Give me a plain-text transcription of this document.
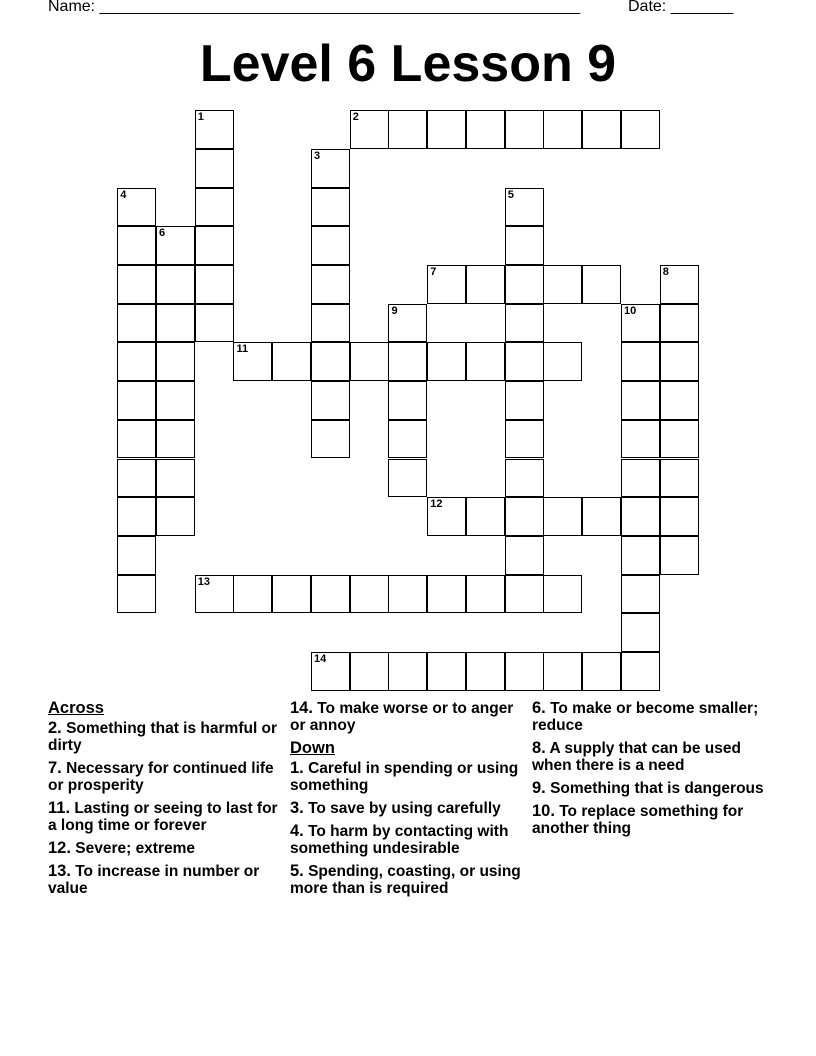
Name: ______________________________________________________	Date: _______
Level 6 Lesson 9
1	2
3
4	5
6
7	8
9	10
11
12
13
14
Across
2. Something that is harmful or dirty
7. Necessary for continued life or prosperity
11. Lasting or seeing to last for a long time or forever
12. Severe; extreme
13. To increase in number or value
14. To make worse or to anger or annoy
Down
1. Careful in spending or using something
3. To save by using carefully
4. To harm by contacting with something undesirable
5. Spending, coasting, or using more than is required
6. To make or become smaller; reduce
8. A supply that can be used when there is a need
9. Something that is dangerous
10. To replace something for another thing
